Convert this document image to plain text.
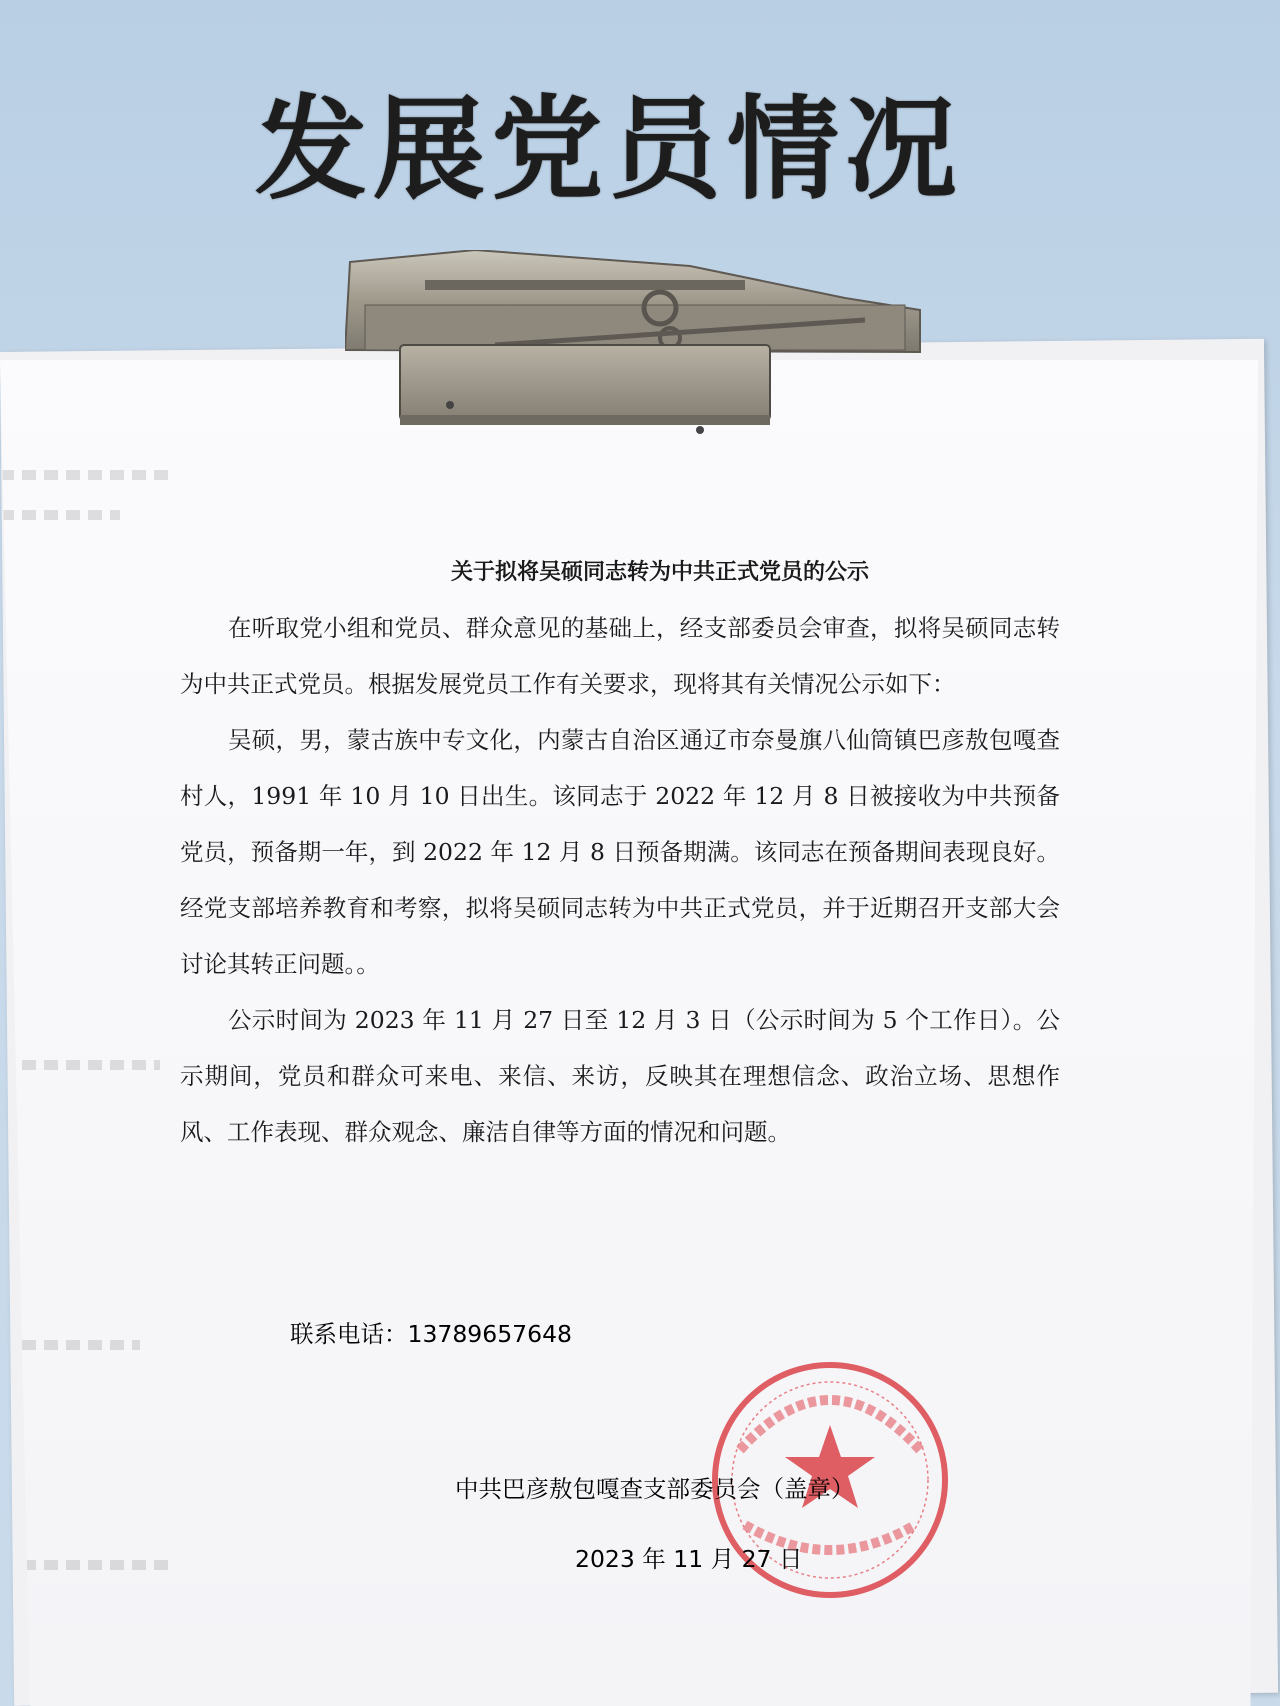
发展党员情况
关于拟将吴硕同志转为中共正式党员的公示

在听取党小组和党员、群众意见的基础上，经支部委员会审查，拟将吴硕同志转为中共正式党员。根据发展党员工作有关要求，现将其有关情况公示如下：

吴硕，男，蒙古族中专文化，内蒙古自治区通辽市奈曼旗八仙筒镇巴彦敖包嘎查村人，1991 年 10 月 10 日出生。该同志于 2022 年 12 月 8 日被接收为中共预备党员，预备期一年，到 2022 年 12 月 8 日预备期满。该同志在预备期间表现良好。经党支部培养教育和考察，拟将吴硕同志转为中共正式党员，并于近期召开支部大会讨论其转正问题。。

公示时间为 2023 年 11 月 27 日至 12 月 3 日（公示时间为 5 个工作日）。公示期间，党员和群众可来电、来信、来访，反映其在理想信念、政治立场、思想作风、工作表现、群众观念、廉洁自律等方面的情况和问题。

联系电话：13789657648
中共巴彦敖包嘎查支部委员会（盖章）
2023 年 11 月 27 日
